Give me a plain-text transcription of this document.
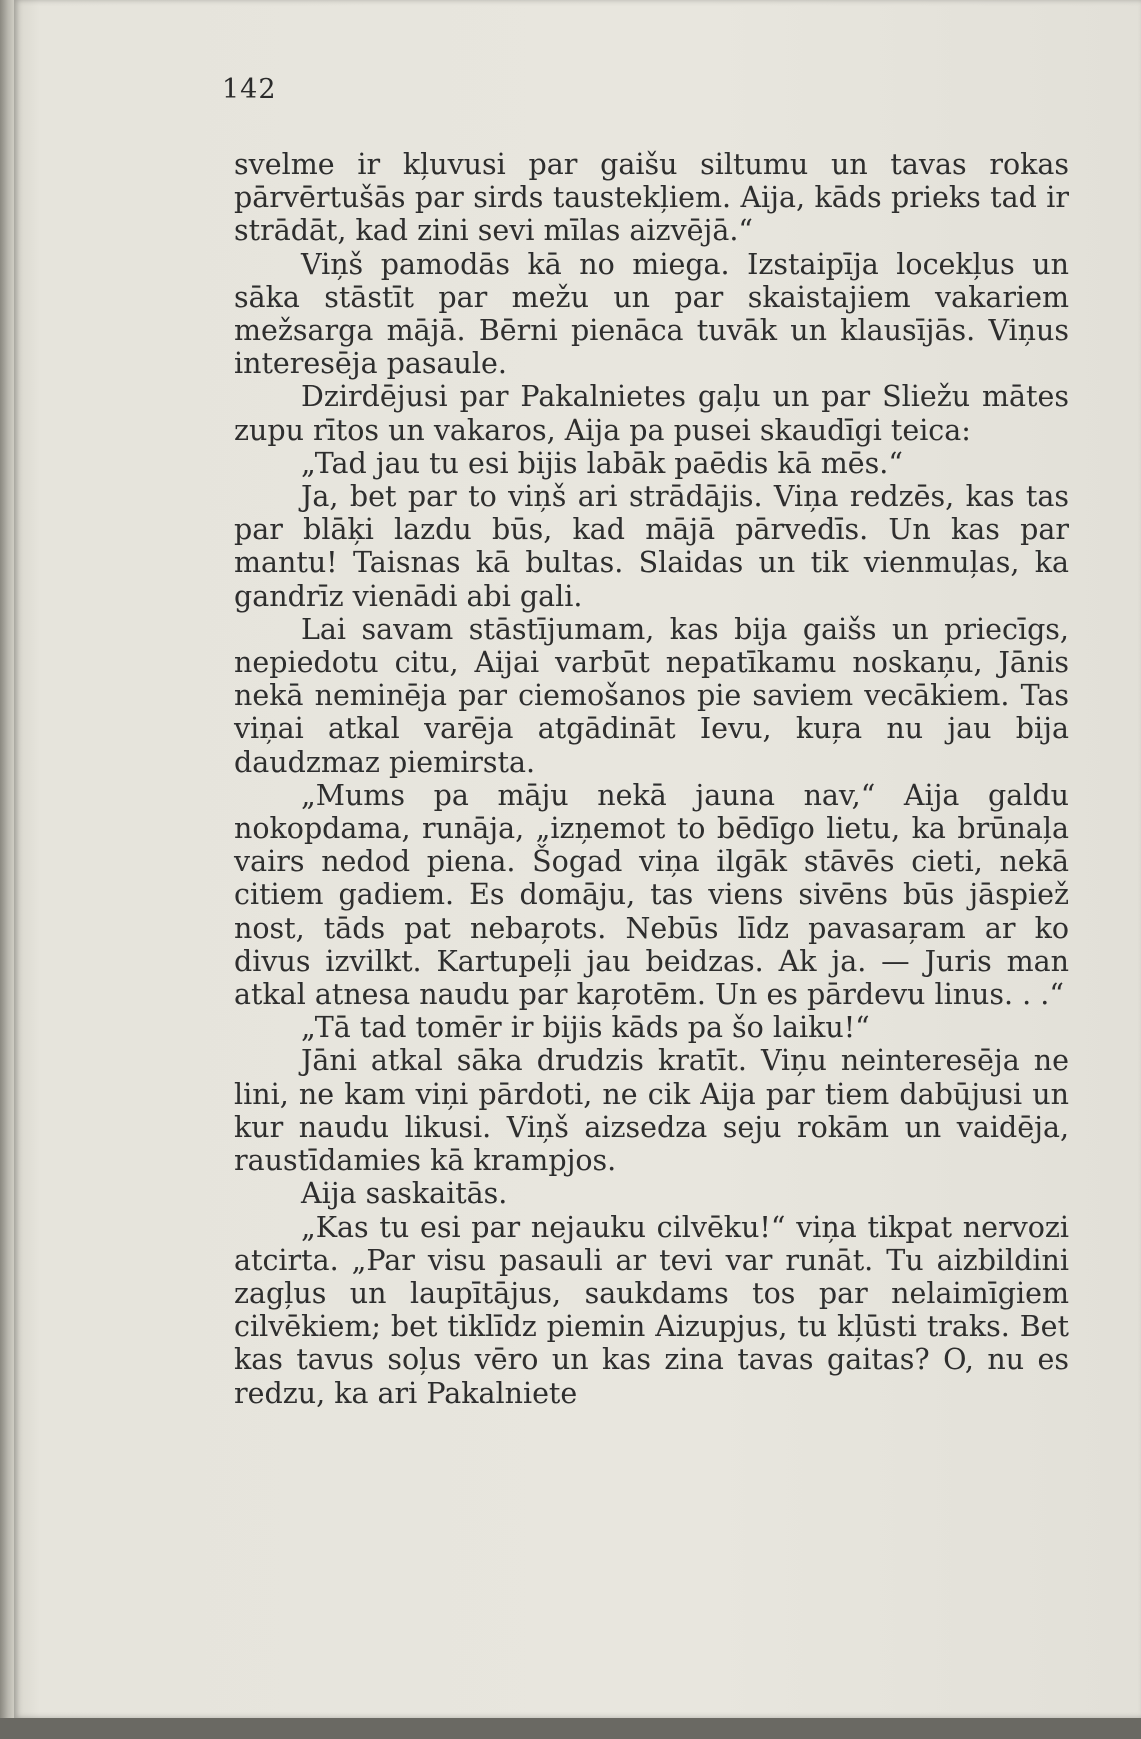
142

svelme ir kļuvusi par gaišu siltumu un tavas rokas pārvērtušās par sirds taustekļiem. Aija, kāds prieks tad ir strādāt, kad zini sevi mīlas aizvējā.“

Viņš pamodās kā no miega. Izstaipīja locekļus un sāka stāstīt par mežu un par skaistajiem vakariem mežsarga mājā. Bērni pienāca tuvāk un klausījās. Viņus interesēja pasaule.

Dzirdējusi par Pakalnietes gaļu un par Sliežu mātes zupu rītos un vakaros, Aija pa pusei skaudīgi teica:

„Tad jau tu esi bijis labāk paēdis kā mēs.“

Ja, bet par to viņš ari strādājis. Viņa redzēs, kas tas par blāķi lazdu būs, kad mājā pārvedīs. Un kas par mantu! Taisnas kā bultas. Slaidas un tik vienmuļas, ka gandrīz vienādi abi gali.

Lai savam stāstījumam, kas bija gaišs un priecīgs, nepiedotu citu, Aijai varbūt nepatīkamu noskaņu, Jānis nekā neminēja par ciemošanos pie saviem vecākiem. Tas viņai atkal varēja atgādināt Ievu, kuŗa nu jau bija daudzmaz piemirsta.

„Mums pa māju nekā jauna nav,“ Aija galdu nokopdama, runāja, „izņemot to bēdīgo lietu, ka brūnaļa vairs nedod piena. Šogad viņa ilgāk stāvēs cieti, nekā citiem gadiem. Es domāju, tas viens sivēns būs jāspiež nost, tāds pat nebaŗots. Nebūs līdz pavasaŗam ar ko divus izvilkt. Kartupeļi jau beidzas. Ak ja. — Juris man atkal atnesa naudu par kaŗotēm. Un es pārdevu linus. . .“

„Tā tad tomēr ir bijis kāds pa šo laiku!“

Jāni atkal sāka drudzis kratīt. Viņu neinteresēja ne lini, ne kam viņi pārdoti, ne cik Aija par tiem dabūjusi un kur naudu likusi. Viņš aizsedza seju rokām un vaidēja, raustīdamies kā krampjos.

Aija saskaitās.

„Kas tu esi par nejauku cilvēku!“ viņa tikpat nervozi atcirta. „Par visu pasauli ar tevi var runāt. Tu aizbildini zagļus un laupītājus, saukdams tos par nelaimīgiem cilvēkiem; bet tiklīdz piemin Aizupjus, tu kļūsti traks. Bet kas tavus soļus vēro un kas zina tavas gaitas? O, nu es redzu, ka ari Pakalniete
